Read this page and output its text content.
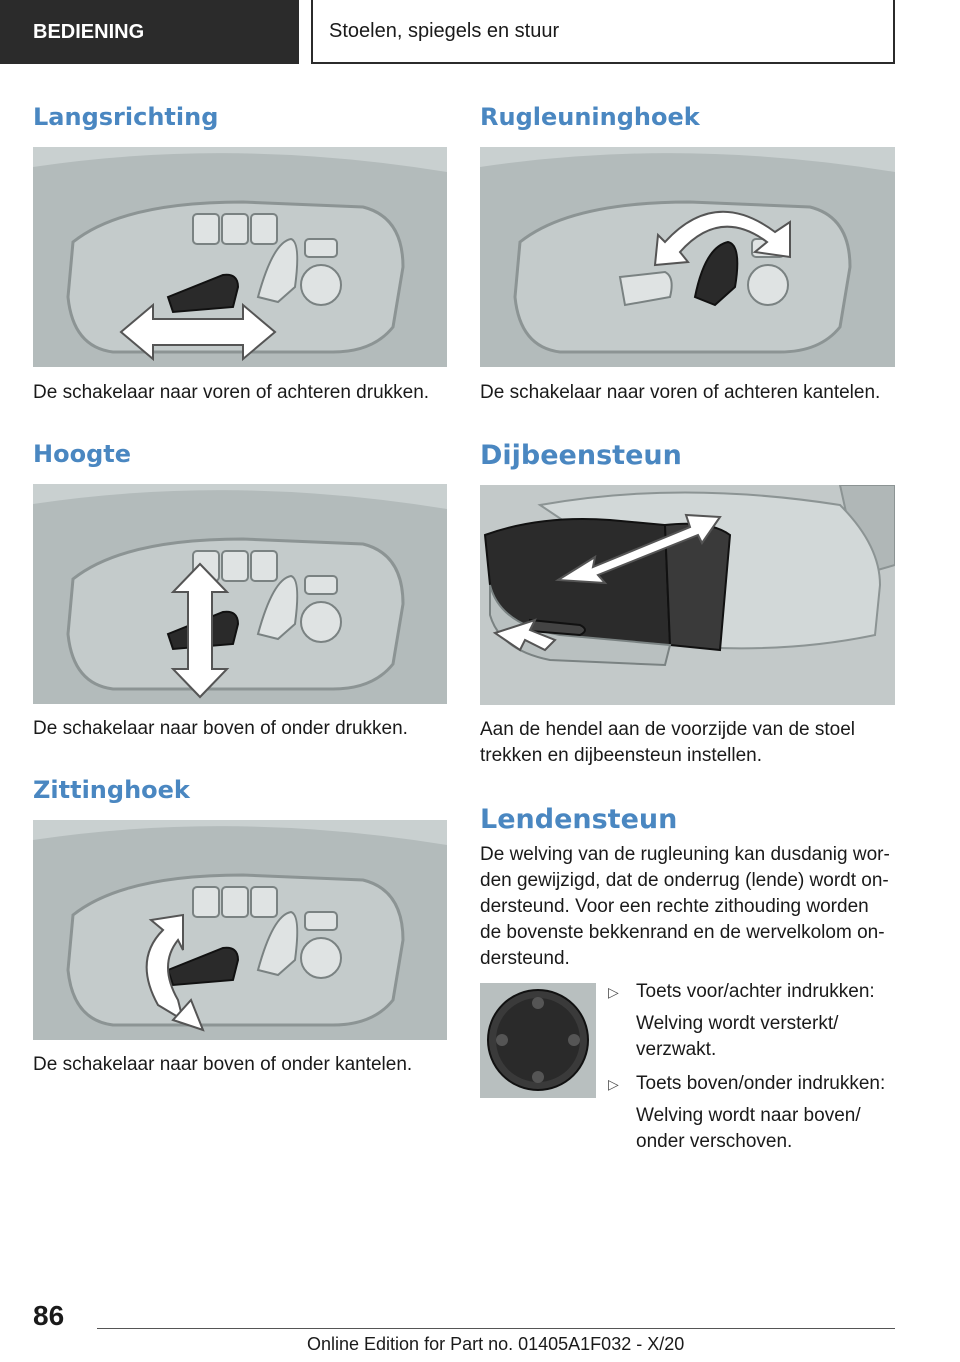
BEDIENING	Stoelen, spiegels en stuur
Langsrichting

De schakelaar naar voren of achteren drukken.

Hoogte

De schakelaar naar boven of onder drukken.

Zittinghoek

De schakelaar naar boven of onder kantelen.

Rugleuninghoek

De schakelaar naar voren of achteren kantelen.

Dijbeensteun

Aan de hendel aan de voorzijde van de stoel
trekken en dijbeensteun instellen.

Lendensteun
De welving van de rugleuning kan dusdanig wor-
den gewijzigd, dat de onderrug (lende) wordt on-
dersteund. Voor een rechte zithouding worden
de bovenste bekkenrand en de wervelkolom on-
dersteund.
▷ Toets voor/achter indrukken:
Welving wordt versterkt/
verzwakt.
▷ Toets boven/onder indrukken:
Welving wordt naar boven/
onder verschoven.
86
Online Edition for Part no. 01405A1F032 - X/20
